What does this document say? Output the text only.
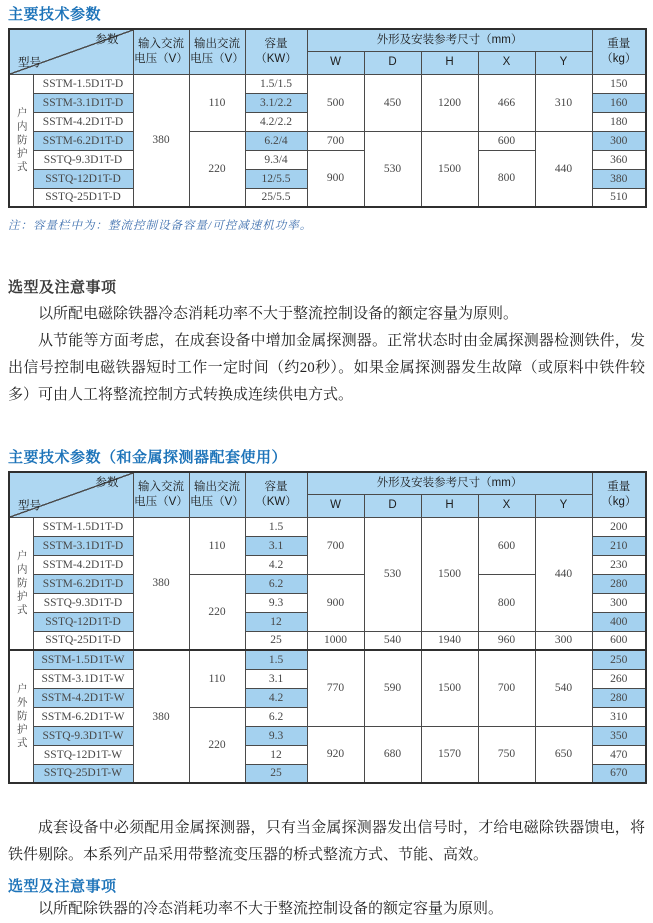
主要技术参数
参数
型号		输入交流
电压（V）	输出交流
电压（V）	容量
（KW）	外形及安装参考尺寸（mm）					重量
（kg）
					W	D	H	X	Y	
户内防护式	SSTM-1.5D1T-D	380	110	1.5/1.5	500	450	1200	466	310	150
	SSTM-3.1D1T-D			3.1/2.2						160
	SSTM-4.2D1T-D			4.2/2.2						180
	SSTM-6.2D1T-D		220	6.2/4	700	530	1500	600	440	300
	SSTQ-9.3D1T-D			9.3/4	900			800		360
	SSTQ-12D1T-D			12/5.5						380
	SSTQ-25D1T-D			25/5.5						510
注：容量栏中为：整流控制设备容量/可控减速机功率。
选型及注意事项
以所配电磁除铁器冷态消耗功率不大于整流控制设备的额定容量为原则。
从节能等方面考虑，在成套设备中增加金属探测器。正常状态时由金属探测器检测铁件，发出信号控制电磁铁器短时工作一定时间（约20秒）。如果金属探测器发生故障（或原料中铁件较多）可由人工将整流控制方式转换成连续供电方式。
主要技术参数（和金属探测器配套使用）
参数
型号		输入交流
电压（V）	输出交流
电压（V）	容量
（KW）	外形及安装参考尺寸（mm）					重量
（kg）
					W	D	H	X	Y	
户内防护式	SSTM-1.5D1T-D	380	110	1.5	700	530	1500	600	440	200
	SSTM-3.1D1T-D			3.1						210
	SSTM-4.2D1T-D			4.2						230
	SSTM-6.2D1T-D		220	6.2	900			800		280
	SSTQ-9.3D1T-D			9.3						300
	SSTQ-12D1T-D			12						400
	SSTQ-25D1T-D			25	1000	540	1940	960	300	600
户外防护式	SSTM-1.5D1T-W	380	110	1.5	770	590	1500	700	540	250
	SSTM-3.1D1T-W			3.1						260
	SSTM-4.2D1T-W			4.2						280
	SSTM-6.2D1T-W		220	6.2						310
	SSTQ-9.3D1T-W			9.3	920	680	1570	750	650	350
	SSTQ-12D1T-W			12						470
	SSTQ-25D1T-W			25						670
成套设备中必须配用金属探测器，只有当金属探测器发出信号时，才给电磁除铁器馈电，将铁件剔除。本系列产品采用带整流变压器的桥式整流方式、节能、高效。
选型及注意事项
以所配除铁器的冷态消耗功率不大于整流控制设备的额定容量为原则。
